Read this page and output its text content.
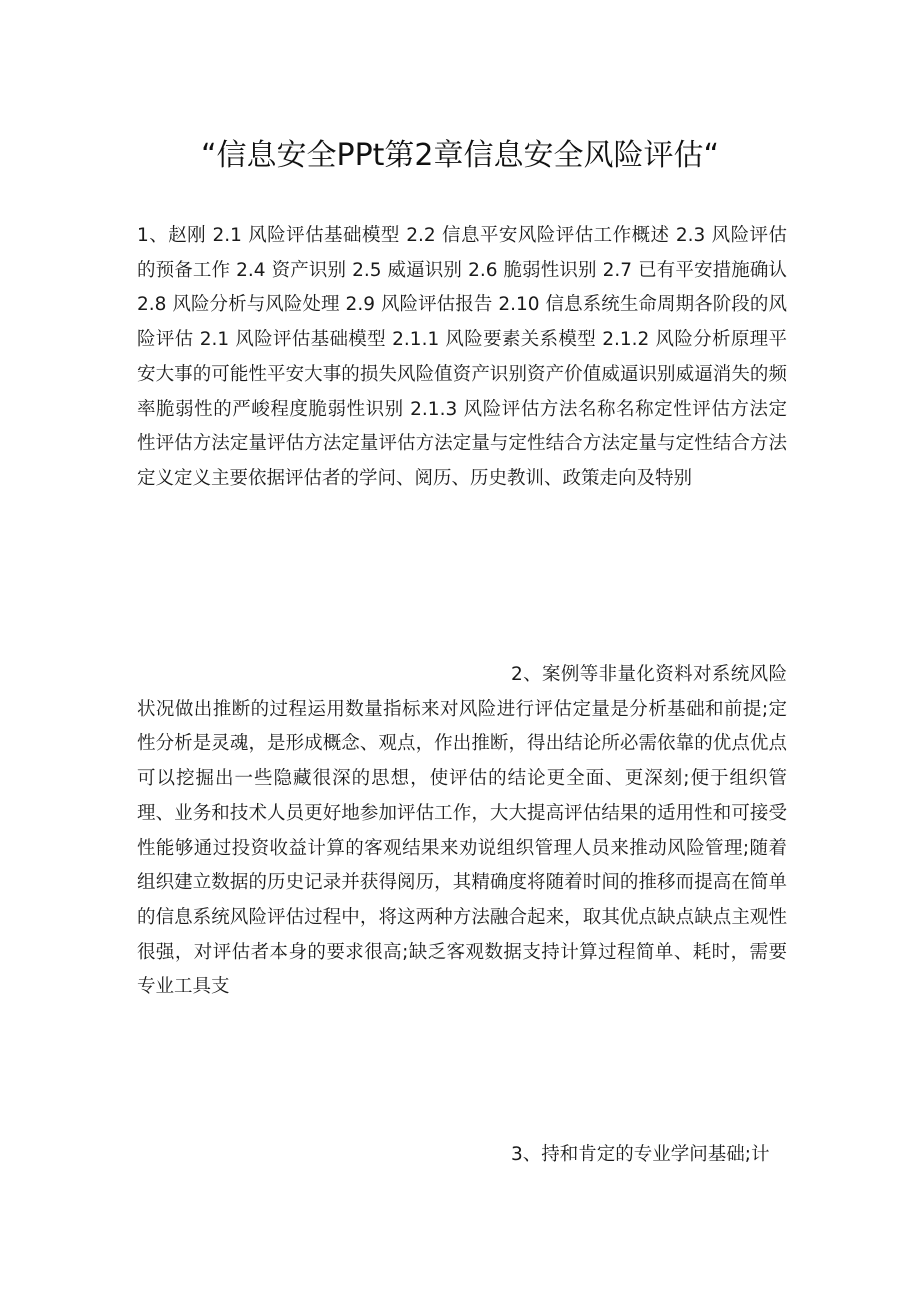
“信息安全PPt第2章信息安全风险评估“

1、赵刚 2.1 风险评估基础模型 2.2 信息平安风险评估工作概述 2.3 风险评估的预备工作 2.4 资产识别 2.5 威逼识别 2.6 脆弱性识别 2.7 已有平安措施确认 2.8 风险分析与风险处理 2.9 风险评估报告 2.10 信息系统生命周期各阶段的风险评估 2.1 风险评估基础模型 2.1.1 风险要素关系模型 2.1.2 风险分析原理平安大事的可能性平安大事的损失风险值资产识别资产价值威逼识别威逼消失的频率脆弱性的严峻程度脆弱性识别 2.1.3 风险评估方法名称名称定性评估方法定性评估方法定量评估方法定量评估方法定量与定性结合方法定量与定性结合方法定义定义主要依据评估者的学问、阅历、历史教训、政策走向及特别

2、案例等非量化资料对系统风险状况做出推断的过程运用数量指标来对风险进行评估定量是分析基础和前提;定性分析是灵魂，是形成概念、观点，作出推断，得出结论所必需依靠的优点优点可以挖掘出一些隐藏很深的思想，使评估的结论更全面、更深刻;便于组织管理、业务和技术人员更好地参加评估工作，大大提高评估结果的适用性和可接受性能够通过投资收益计算的客观结果来劝说组织管理人员来推动风险管理;随着组织建立数据的历史记录并获得阅历，其精确度将随着时间的推移而提高在简单的信息系统风险评估过程中，将这两种方法融合起来，取其优点缺点缺点主观性很强，对评估者本身的要求很高;缺乏客观数据支持计算过程简单、耗时，需要专业工具支

3、持和肯定的专业学问基础;计
